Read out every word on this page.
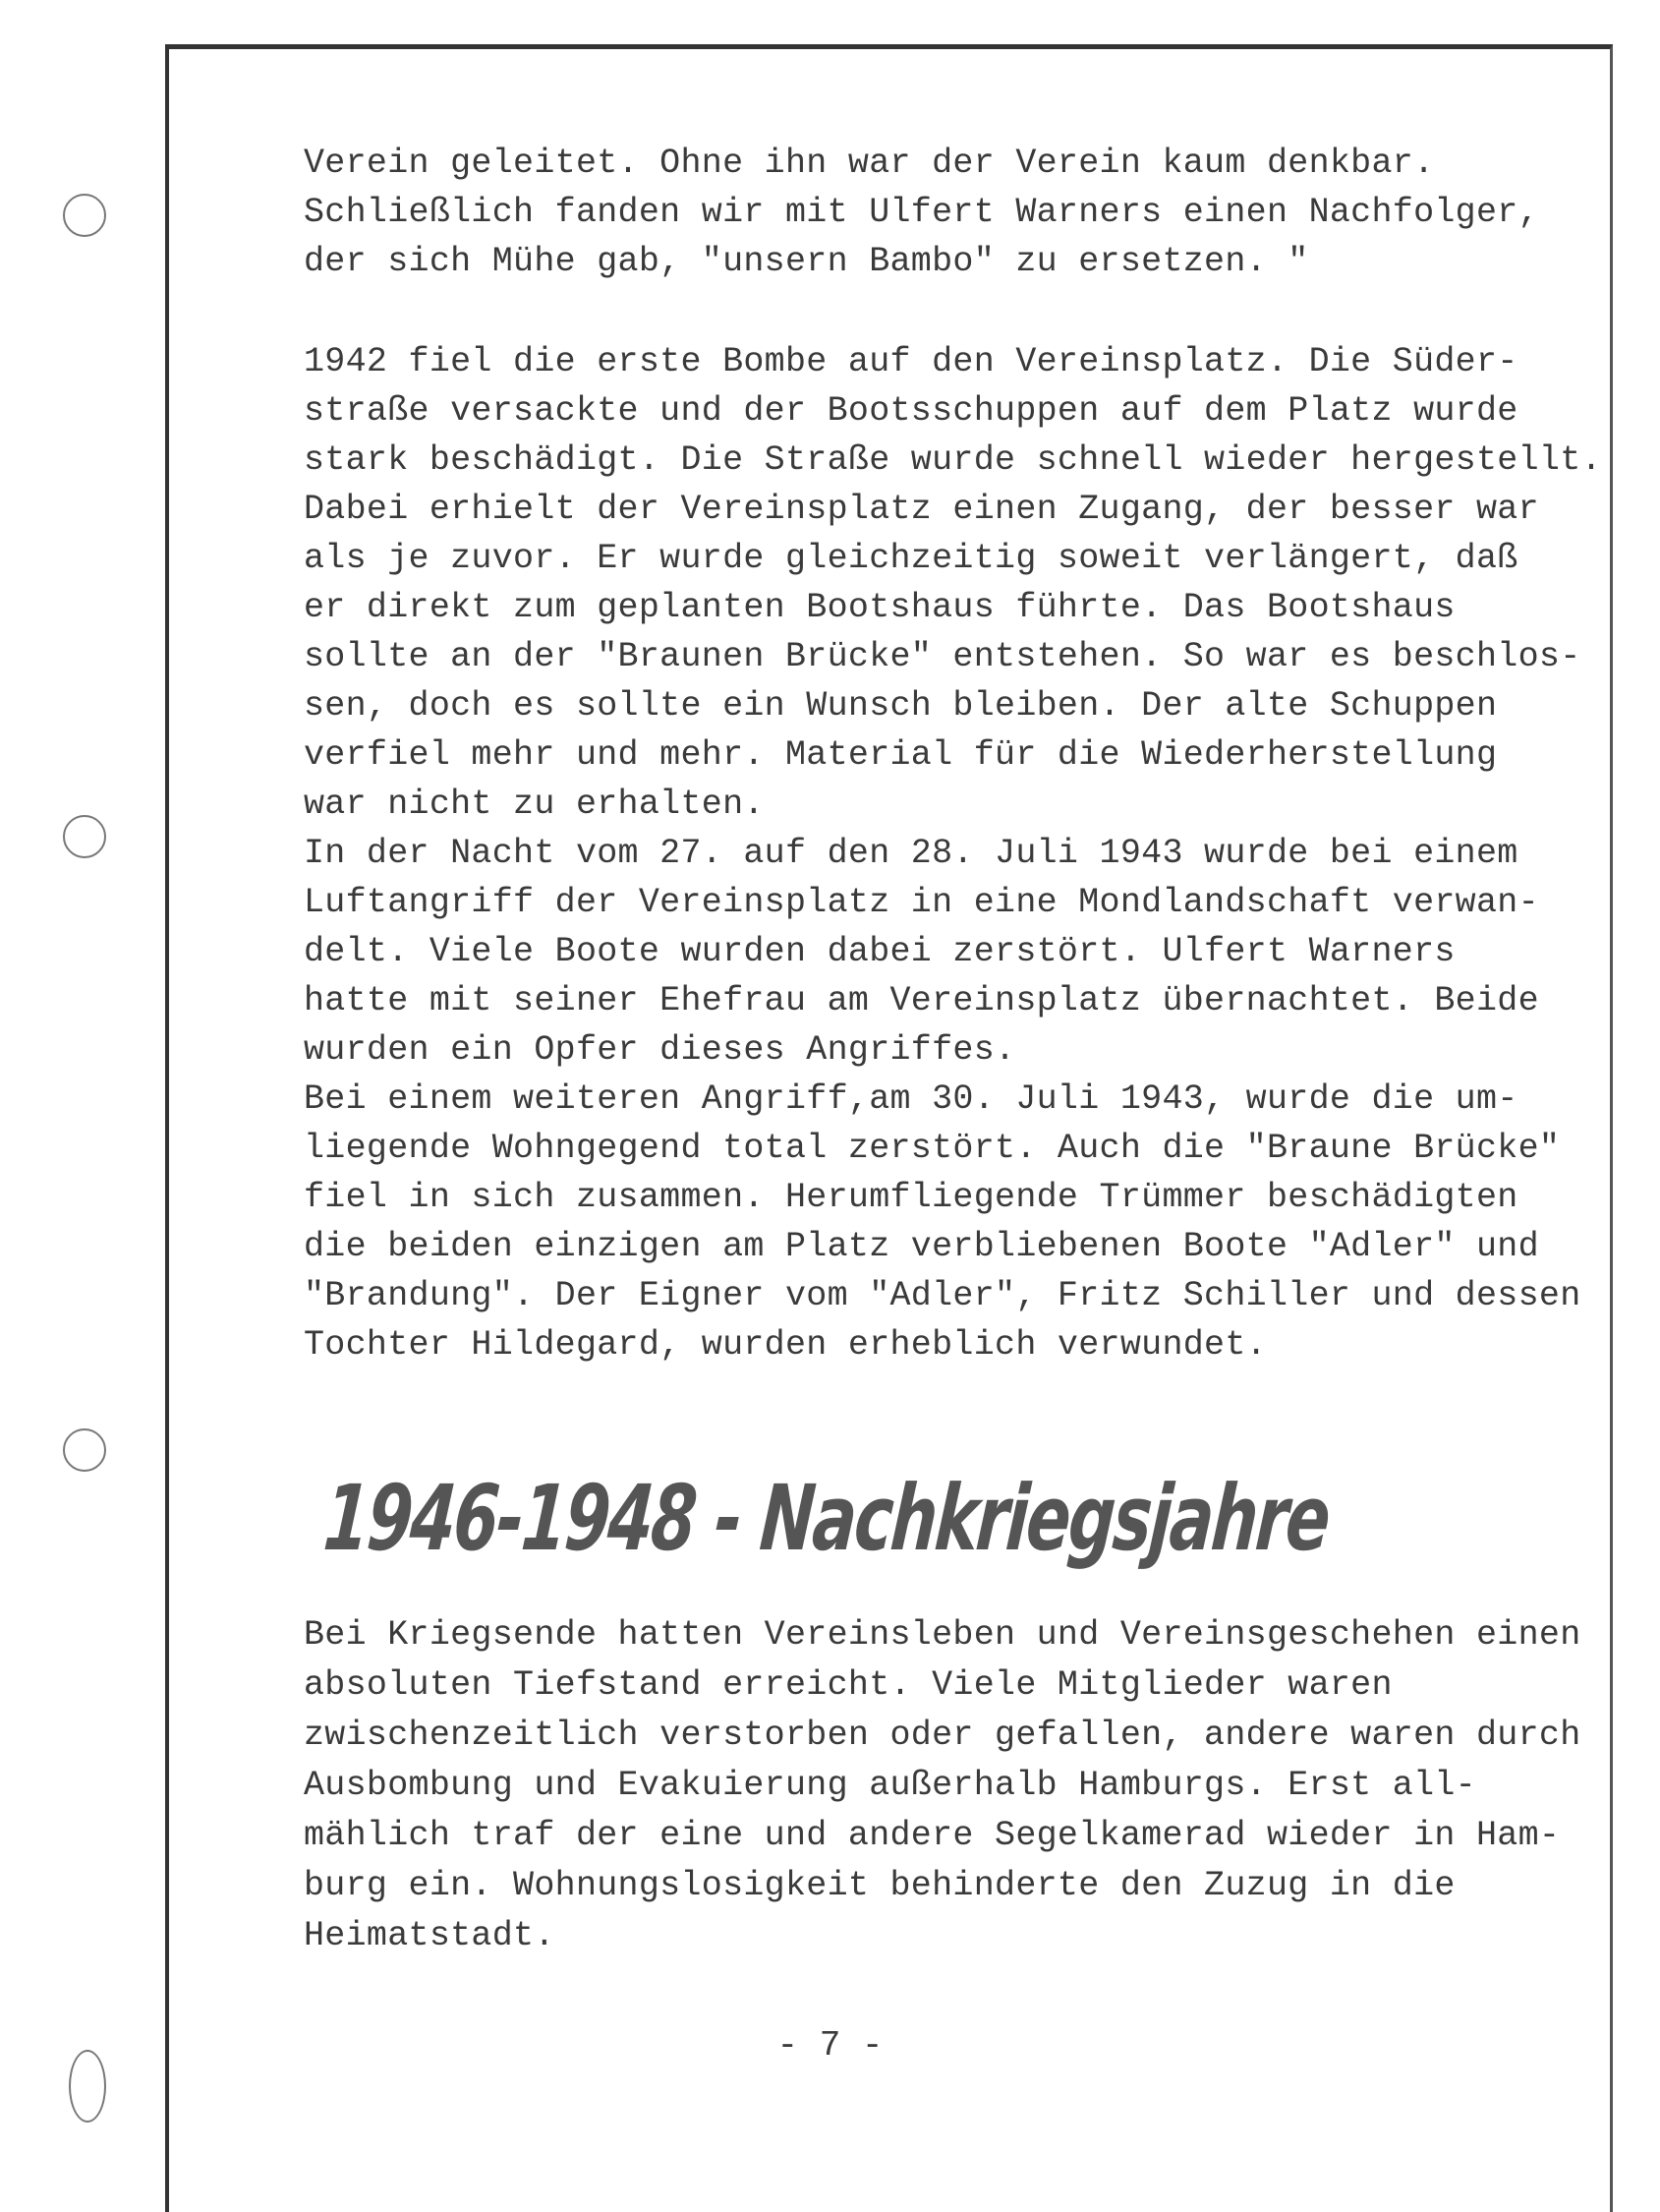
Verein geleitet. Ohne ihn war der Verein kaum denkbar.
Schließlich fanden wir mit Ulfert Warners einen Nachfolger,
der sich Mühe gab, "unsern Bambo" zu ersetzen. "
1942 fiel die erste Bombe auf den Vereinsplatz. Die Süder-
straße versackte und der Bootsschuppen auf dem Platz wurde
stark beschädigt. Die Straße wurde schnell wieder hergestellt.
Dabei erhielt der Vereinsplatz einen Zugang, der besser war
als je zuvor. Er wurde gleichzeitig soweit verlängert, daß
er direkt zum geplanten Bootshaus führte. Das Bootshaus
sollte an der "Braunen Brücke" entstehen. So war es beschlos-
sen, doch es sollte ein Wunsch bleiben. Der alte Schuppen
verfiel mehr und mehr. Material für die Wiederherstellung
war nicht zu erhalten.
In der Nacht vom 27. auf den 28. Juli 1943 wurde bei einem
Luftangriff der Vereinsplatz in eine Mondlandschaft verwan-
delt. Viele Boote wurden dabei zerstört. Ulfert Warners
hatte mit seiner Ehefrau am Vereinsplatz übernachtet. Beide
wurden ein Opfer dieses Angriffes.
Bei einem weiteren Angriff,am 30. Juli 1943, wurde die um-
liegende Wohngegend total zerstört. Auch die "Braune Brücke"
fiel in sich zusammen. Herumfliegende Trümmer beschädigten
die beiden einzigen am Platz verbliebenen Boote "Adler" und
"Brandung". Der Eigner vom "Adler", Fritz Schiller und dessen
Tochter Hildegard, wurden erheblich verwundet.
1946-1948 - Nachkriegsjahre
Bei Kriegsende hatten Vereinsleben und Vereinsgeschehen einen
absoluten Tiefstand erreicht. Viele Mitglieder waren
zwischenzeitlich verstorben oder gefallen, andere waren durch
Ausbombung und Evakuierung außerhalb Hamburgs. Erst all-
mählich traf der eine und andere Segelkamerad wieder in Ham-
burg ein. Wohnungslosigkeit behinderte den Zuzug in die
Heimatstadt.
- 7 -
